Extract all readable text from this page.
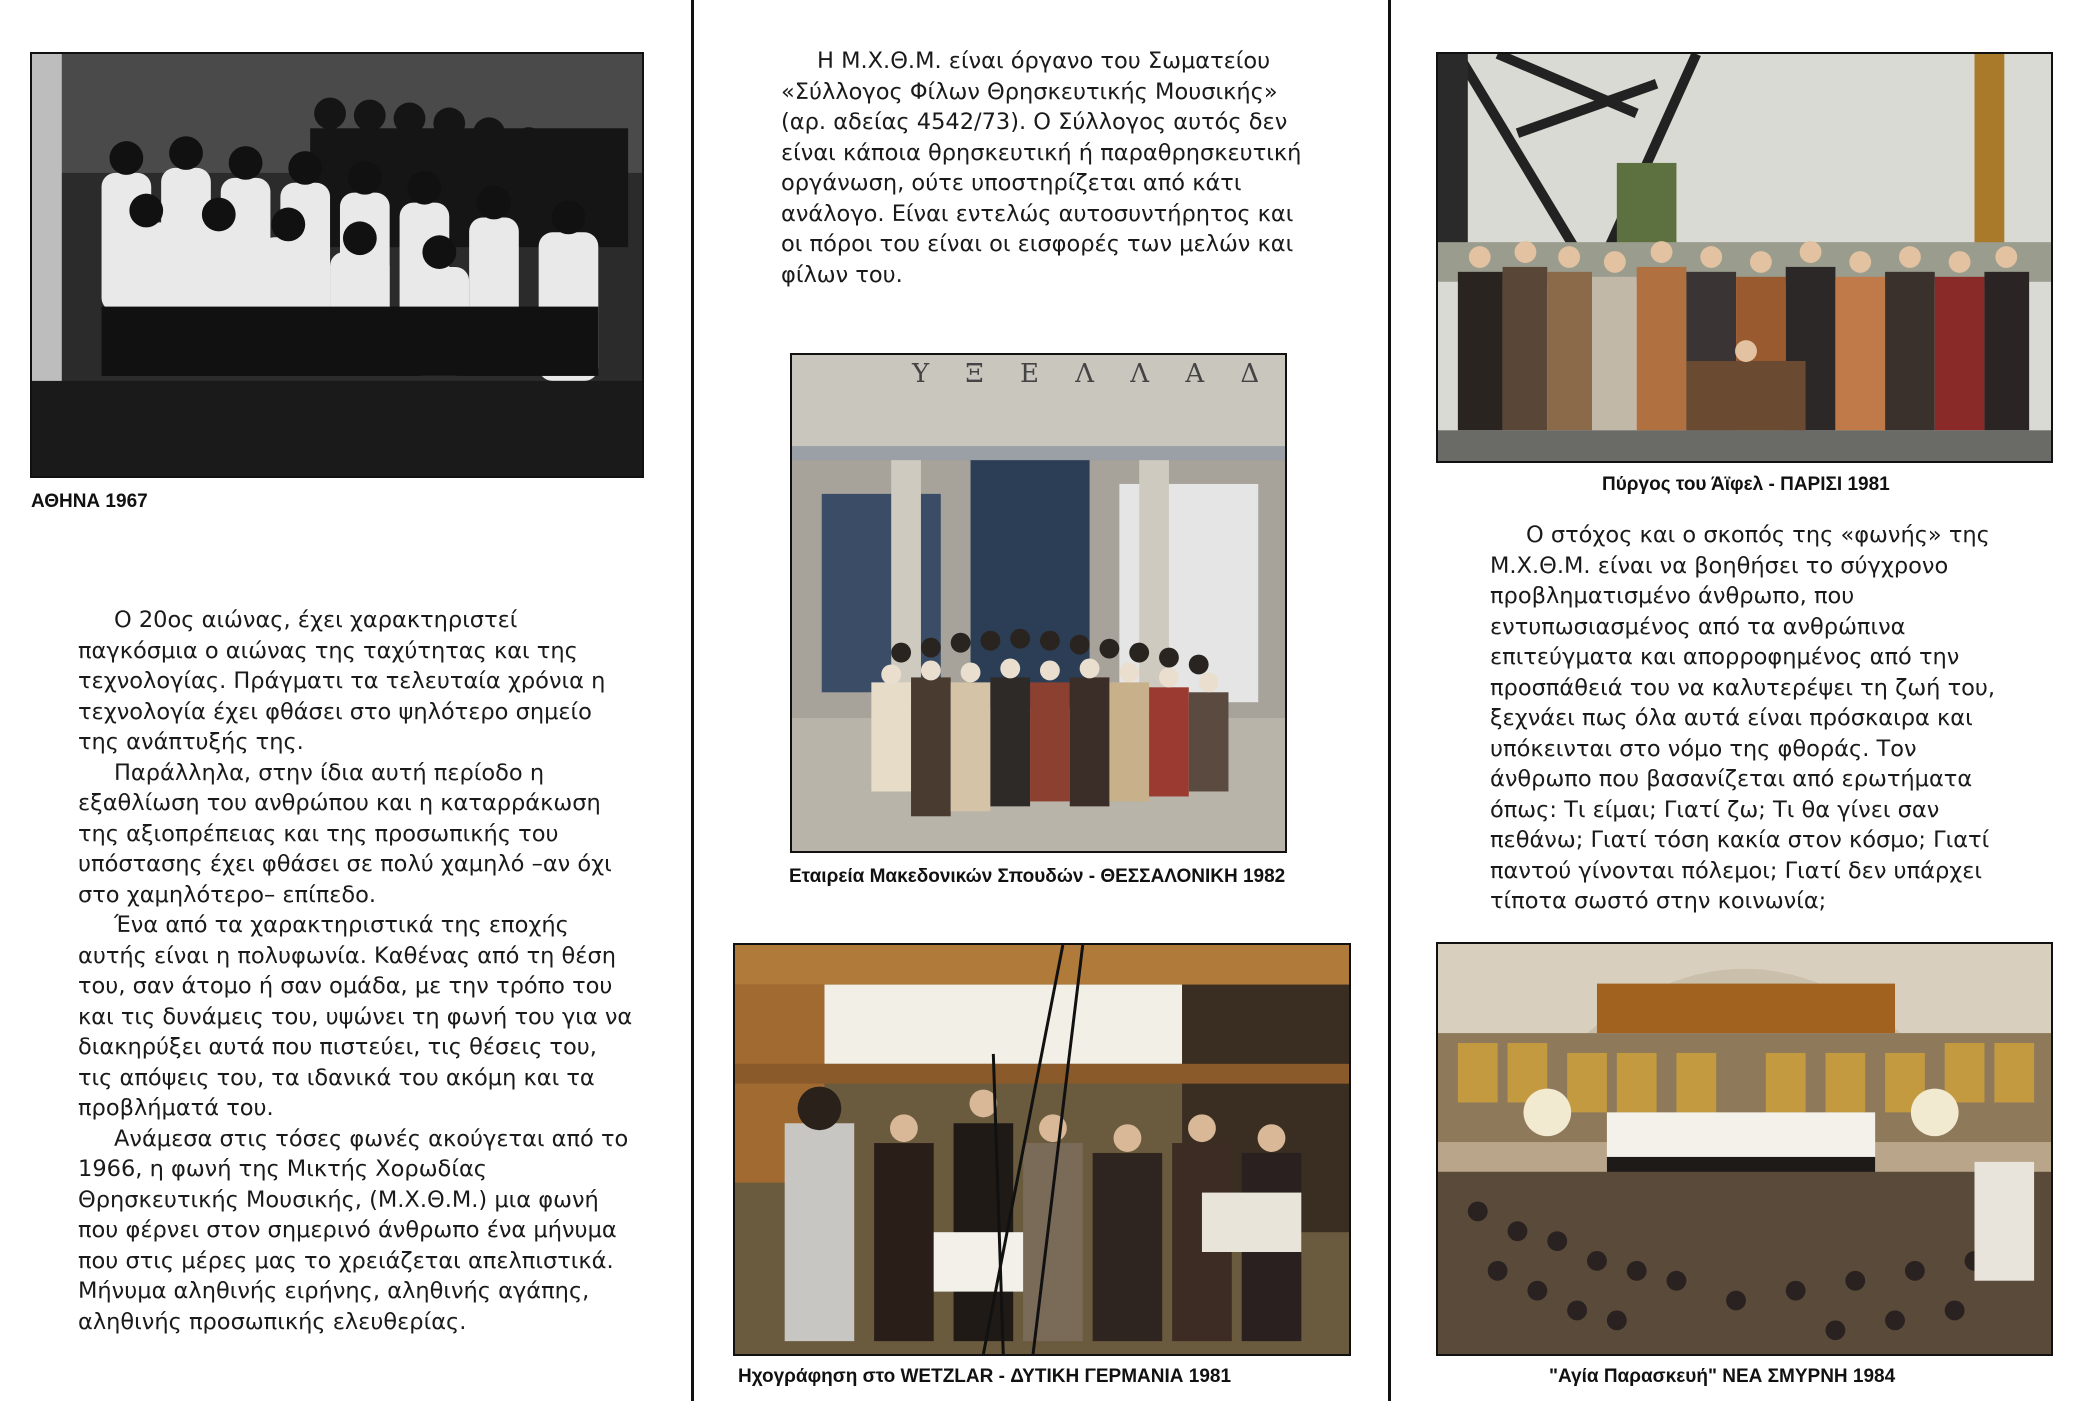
ΑΘΗΝΑ 1967

Ο 20ος αιώνας, έχει χαρακτηριστεί παγκόσμια ο αιώνας της ταχύτητας και της τεχνολογίας. Πράγματι τα τελευταία χρόνια η τεχνολογία έχει φθάσει στο ψηλότερο σημείο της ανάπτυξής της.

Παράλληλα, στην ίδια αυτή περίοδο η εξαθλίωση του ανθρώπου και η καταρράκωση της αξιοπρέπειας και της προσωπικής του υπόστασης έχει φθάσει σε πολύ χαμηλό –αν όχι στο χαμηλότερο– επίπεδο.

Ένα από τα χαρακτηριστικά της εποχής αυτής είναι η πολυφωνία. Καθένας από τη θέση του, σαν άτομο ή σαν ομάδα, με την τρόπο του και τις δυνάμεις του, υψώνει τη φωνή του για να διακηρύξει αυτά που πιστεύει, τις θέσεις του, τις απόψεις του, τα ιδανικά του ακόμη και τα προβλήματά του.

Ανάμεσα στις τόσες φωνές ακούγεται από το 1966, η φωνή της Μικτής Χορωδίας Θρησκευτικής Μουσικής, (Μ.Χ.Θ.Μ.) μια φωνή που φέρνει στον σημερινό άνθρωπο ένα μήνυμα που στις μέρες μας το χρειάζεται απελπιστικά. Μήνυμα αληθινής ειρήνης, αληθινής αγάπης, αληθινής προσωπικής ελευθερίας.

Η Μ.Χ.Θ.Μ. είναι όργανο του Σωματείου «Σύλλογος Φίλων Θρησκευτικής Μουσικής» (αρ. αδείας 4542/73). Ο Σύλλογος αυτός δεν είναι κάποια θρησκευτική ή παραθρησκευτική οργάνωση, ούτε υποστηρίζεται από κάτι ανάλογο. Είναι εντελώς αυτοσυντήρητος και οι πόροι του είναι οι εισφορές των μελών και φίλων του.

Υ Ξ Ε Λ Λ Α Δ
Εταιρεία Μακεδονικών Σπουδών - ΘΕΣΣΑΛΟΝΙΚΗ 1982
Ηχογράφηση στο WETZLAR - ΔΥΤΙΚΗ ΓΕΡΜΑΝΙΑ 1981
Πύργος του Άϊφελ - ΠΑΡΙΣΙ 1981

Ο στόχος και ο σκοπός της «φωνής» της Μ.Χ.Θ.Μ. είναι να βοηθήσει το σύγχρονο προβληματισμένο άνθρωπο, που εντυπωσιασμένος από τα ανθρώπινα επιτεύγματα και απορροφημένος από την προσπάθειά του να καλυτερέψει τη ζωή του, ξεχνάει πως όλα αυτά είναι πρόσκαιρα και υπόκεινται στο νόμο της φθοράς. Τον άνθρωπο που βασανίζεται από ερωτήματα όπως: Τι είμαι; Γιατί ζω; Τι θα γίνει σαν πεθάνω; Γιατί τόση κακία στον κόσμο; Γιατί παντού γίνονται πόλεμοι; Γιατί δεν υπάρχει τίποτα σωστό στην κοινωνία;

"Αγία Παρασκευή" ΝΕΑ ΣΜΥΡΝΗ 1984
